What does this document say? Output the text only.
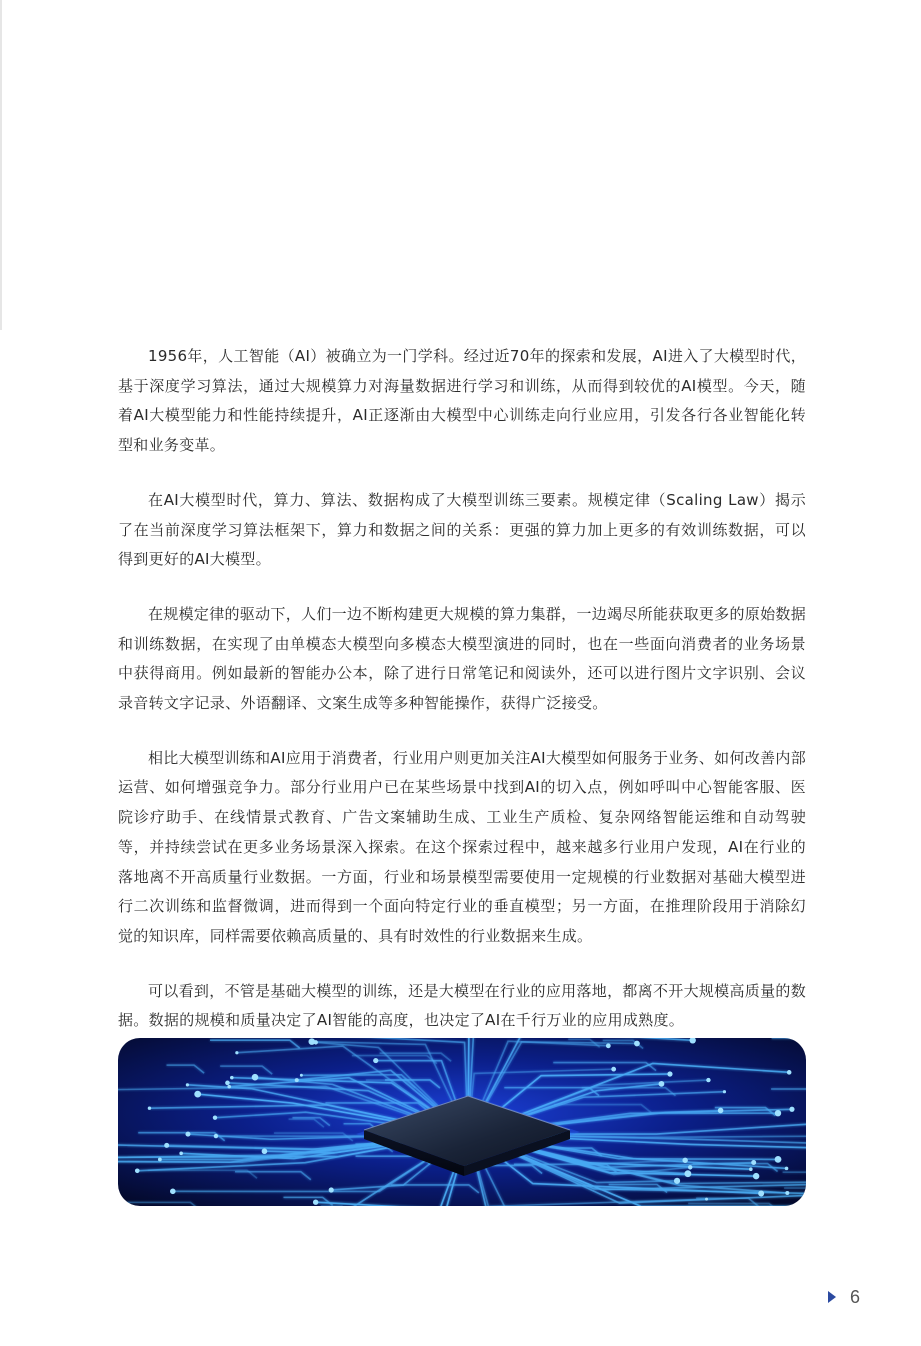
1956年，人工智能（AI）被确立为一门学科。经过近70年的探索和发展，AI进入了大模型时代，基于深度学习算法，通过大规模算力对海量数据进行学习和训练，从而得到较优的AI模型。今天，随着AI大模型能力和性能持续提升，AI正逐渐由大模型中心训练走向行业应用，引发各行各业智能化转型和业务变革。

在AI大模型时代，算力、算法、数据构成了大模型训练三要素。规模定律（Scaling Law）揭示了在当前深度学习算法框架下，算力和数据之间的关系：更强的算力加上更多的有效训练数据，可以得到更好的AI大模型。

在规模定律的驱动下，人们一边不断构建更大规模的算力集群，一边竭尽所能获取更多的原始数据和训练数据，在实现了由单模态大模型向多模态大模型演进的同时，也在一些面向消费者的业务场景中获得商用。例如最新的智能办公本，除了进行日常笔记和阅读外，还可以进行图片文字识别、会议录音转文字记录、外语翻译、文案生成等多种智能操作，获得广泛接受。

相比大模型训练和AI应用于消费者，行业用户则更加关注AI大模型如何服务于业务、如何改善内部运营、如何增强竞争力。部分行业用户已在某些场景中找到AI的切入点，例如呼叫中心智能客服、医院诊疗助手、在线情景式教育、广告文案辅助生成、工业生产质检、复杂网络智能运维和自动驾驶等，并持续尝试在更多业务场景深入探索。在这个探索过程中，越来越多行业用户发现，AI在行业的落地离不开高质量行业数据。一方面，行业和场景模型需要使用一定规模的行业数据对基础大模型进行二次训练和监督微调，进而得到一个面向特定行业的垂直模型；另一方面，在推理阶段用于消除幻觉的知识库，同样需要依赖高质量的、具有时效性的行业数据来生成。

可以看到，不管是基础大模型的训练，还是大模型在行业的应用落地，都离不开大规模高质量的数据。数据的规模和质量决定了AI智能的高度，也决定了AI在千行万业的应用成熟度。

6
